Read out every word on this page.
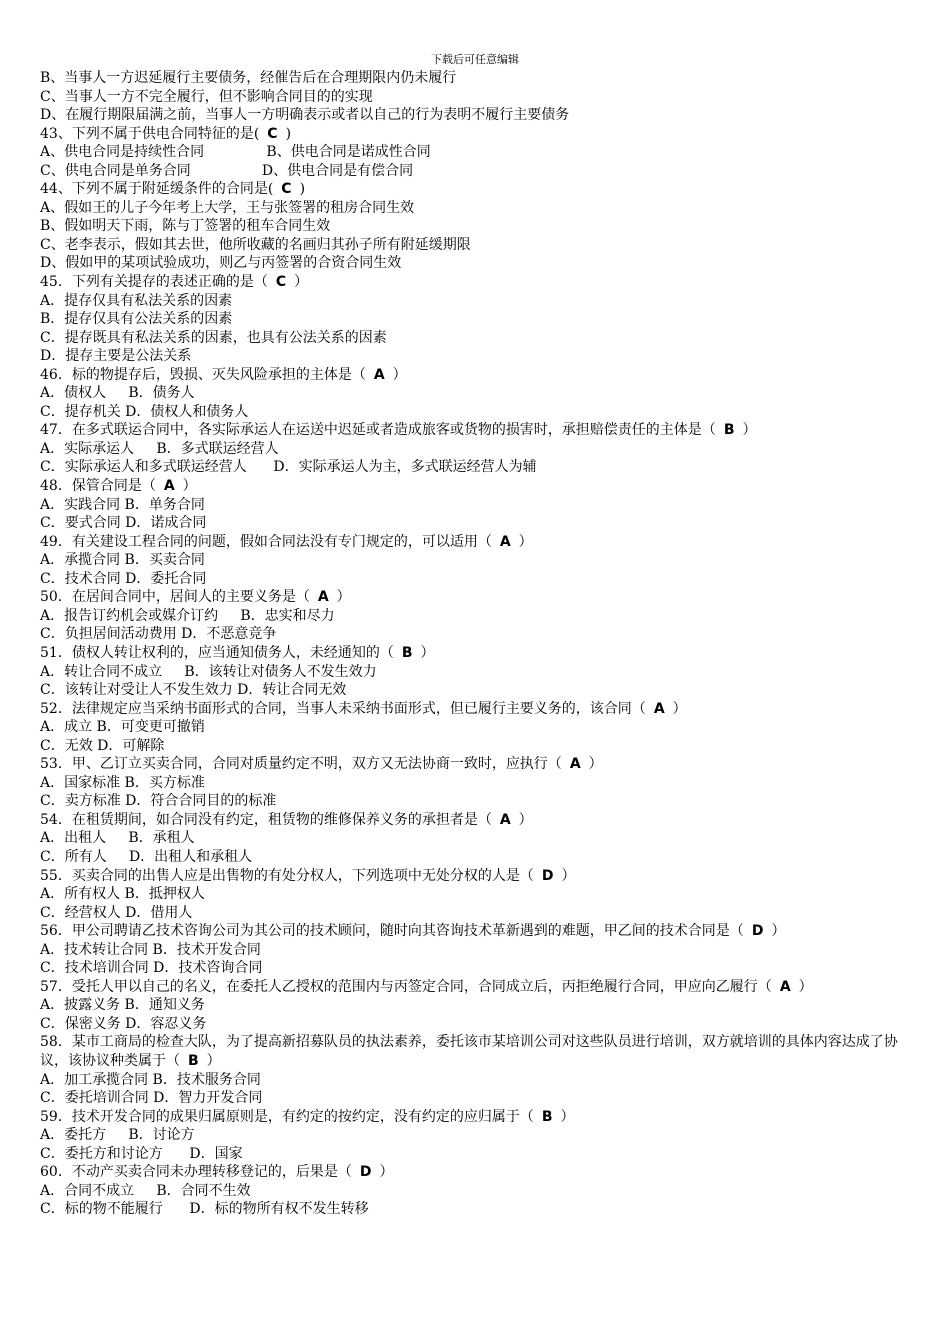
下载后可任意编辑
B、当事人一方迟延履行主要债务，经催告后在合理期限内仍未履行
C、当事人一方不完全履行，但不影响合同目的的实现
D、在履行期限届满之前，当事人一方明确表示或者以自己的行为表明不履行主要债务
43、下列不属于供电合同特征的是( C )
A、供电合同是持续性合同              B、供电合同是诺成性合同
C、供电合同是单务合同                D、供电合同是有偿合同
44、下列不属于附延缓条件的合同是( C )
A、假如王的儿子今年考上大学，王与张签署的租房合同生效
B、假如明天下雨，陈与丁签署的租车合同生效
C、老李表示，假如其去世，他所收藏的名画归其孙子所有附延缓期限
D、假如甲的某项试验成功，则乙与丙签署的合资合同生效
45．下列有关提存的表述正确的是（ C ）
A．提存仅具有私法关系的因素
B．提存仅具有公法关系的因素
C．提存既具有私法关系的因素，也具有公法关系的因素
D．提存主要是公法关系
46．标的物提存后，毁损、灭失风险承担的主体是（ A ）
A．债权人     B．债务人
C．提存机关 D．债权人和债务人
47．在多式联运合同中，各实际承运人在运送中迟延或者造成旅客或货物的损害时，承担赔偿责任的主体是（ B ）
A．实际承运人     B．多式联运经营人
C．实际承运人和多式联运经营人      D．实际承运人为主，多式联运经营人为辅
48．保管合同是（ A ）
A．实践合同 B．单务合同
C．要式合同 D．诺成合同
49．有关建设工程合同的问题，假如合同法没有专门规定的，可以适用（ A ）
A．承揽合同 B．买卖合同
C．技术合同 D．委托合同
50．在居间合同中，居间人的主要义务是（ A ）
A．报告订约机会或媒介订约     B．忠实和尽力
C．负担居间活动费用 D．不恶意竞争
51．债权人转让权利的，应当通知债务人，未经通知的（ B ）
A．转让合同不成立     B．该转让对债务人不发生效力
C．该转让对受让人不发生效力 D．转让合同无效
52．法律规定应当采纳书面形式的合同，当事人未采纳书面形式，但已履行主要义务的，该合同（ A ）
A．成立 B．可变更可撤销
C．无效 D．可解除
53．甲、乙订立买卖合同，合同对质量约定不明，双方又无法协商一致时，应执行（ A ）
A．国家标准 B．买方标准
C．卖方标准 D．符合合同目的的标准
54．在租赁期间，如合同没有约定，租赁物的维修保养义务的承担者是（ A ）
A．出租人     B．承租人
C．所有人     D．出租人和承租人
55．买卖合同的出售人应是出售物的有处分权人，下列选项中无处分权的人是（ D ）
A．所有权人 B．抵押权人
C．经营权人 D．借用人
56．甲公司聘请乙技术咨询公司为其公司的技术顾问，随时向其咨询技术革新遇到的难题，甲乙间的技术合同是（ D ）
A．技术转让合同 B．技术开发合同
C．技术培训合同 D．技术咨询合同
57．受托人甲以自己的名义，在委托人乙授权的范围内与丙签定合同，合同成立后，丙拒绝履行合同，甲应向乙履行（ A ）
A．披露义务 B．通知义务
C．保密义务 D．容忍义务
58．某市工商局的检查大队，为了提高新招募队员的执法素养，委托该市某培训公司对这些队员进行培训，双方就培训的具体内容达成了协议，该协议种类属于（ B ）
A．加工承揽合同 B．技术服务合同
C．委托培训合同 D．智力开发合同
59．技术开发合同的成果归属原则是，有约定的按约定，没有约定的应归属于（ B ）
A．委托方     B．讨论方
C．委托方和讨论方      D．国家
60．不动产买卖合同未办理转移登记的，后果是（ D ）
A．合同不成立     B．合同不生效
C．标的物不能履行      D．标的物所有权不发生转移
